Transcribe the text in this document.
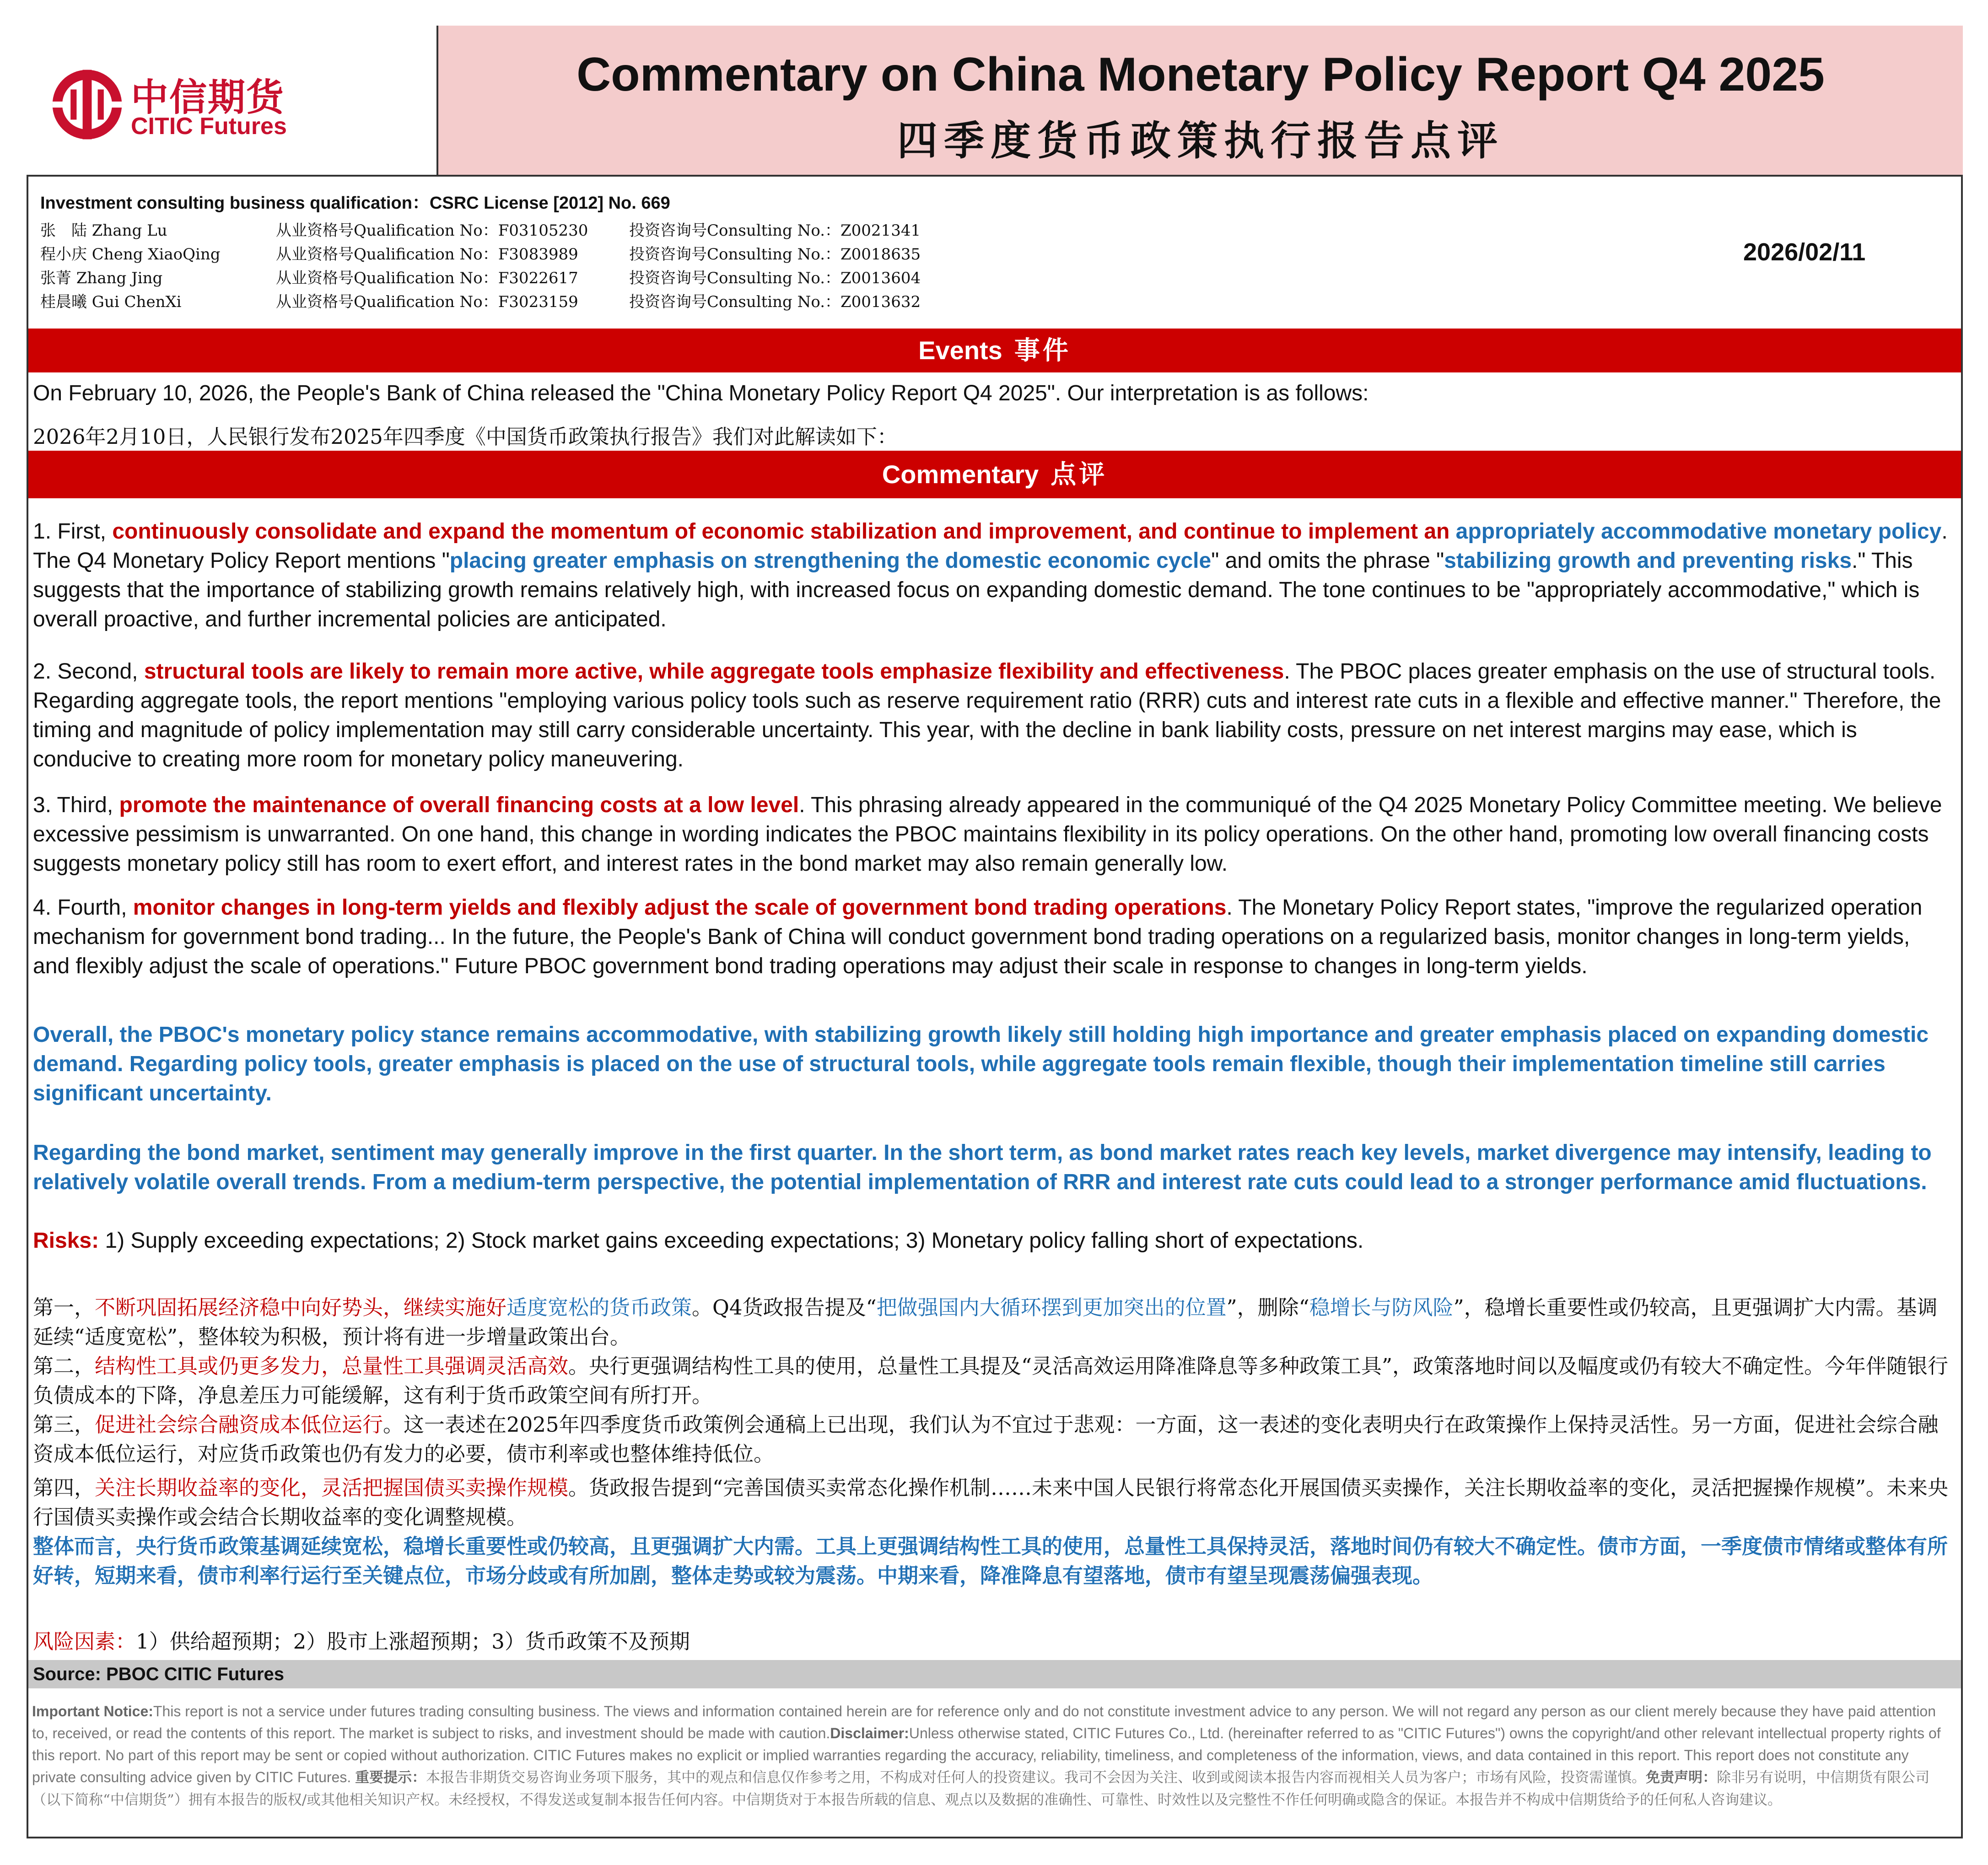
中信期货
CITIC Futures
Commentary on China Monetary Policy Report Q4 2025
四季度货币政策执行报告点评
Investment consulting business qualification：CSRC License [2012] No. 669
张　陆 Zhang Lu	从业资格号Qualification No：F03105230	投资咨询号Consulting No.：Z0021341
程小庆 Cheng XiaoQing	从业资格号Qualification No：F3083989	投资咨询号Consulting No.：Z0018635
张菁 Zhang Jing	从业资格号Qualification No：F3022617	投资咨询号Consulting No.：Z0013604
桂晨曦 Gui ChenXi	从业资格号Qualification No：F3023159	投资咨询号Consulting No.：Z0013632
2026/02/11
Events 事件
On February 10, 2026, the People's Bank of China released the "China Monetary Policy Report Q4 2025". Our interpretation is as follows:
2026年2月10日，人民银行发布2025年四季度《中国货币政策执行报告》我们对此解读如下：
Commentary 点评
1. First, continuously consolidate and expand the momentum of economic stabilization and improvement, and continue to implement an appropriately accommodative monetary policy. The Q4 Monetary Policy Report mentions "placing greater emphasis on strengthening the domestic economic cycle" and omits the phrase "stabilizing growth and preventing risks." This suggests that the importance of stabilizing growth remains relatively high, with increased focus on expanding domestic demand. The tone continues to be "appropriately accommodative," which is overall proactive, and further incremental policies are anticipated.
2. Second, structural tools are likely to remain more active, while aggregate tools emphasize flexibility and effectiveness. The PBOC places greater emphasis on the use of structural tools. Regarding aggregate tools, the report mentions "employing various policy tools such as reserve requirement ratio (RRR) cuts and interest rate cuts in a flexible and effective manner." Therefore, the timing and magnitude of policy implementation may still carry considerable uncertainty. This year, with the decline in bank liability costs, pressure on net interest margins may ease, which is conducive to creating more room for monetary policy maneuvering.
3. Third, promote the maintenance of overall financing costs at a low level. This phrasing already appeared in the communiqué of the Q4 2025 Monetary Policy Committee meeting. We believe excessive pessimism is unwarranted. On one hand, this change in wording indicates the PBOC maintains flexibility in its policy operations. On the other hand, promoting low overall financing costs suggests monetary policy still has room to exert effort, and interest rates in the bond market may also remain generally low.
4. Fourth, monitor changes in long-term yields and flexibly adjust the scale of government bond trading operations. The Monetary Policy Report states, "improve the regularized operation mechanism for government bond trading... In the future, the People's Bank of China will conduct government bond trading operations on a regularized basis, monitor changes in long-term yields, and flexibly adjust the scale of operations." Future PBOC government bond trading operations may adjust their scale in response to changes in long-term yields.
Overall, the PBOC's monetary policy stance remains accommodative, with stabilizing growth likely still holding high importance and greater emphasis placed on expanding domestic demand. Regarding policy tools, greater emphasis is placed on the use of structural tools, while aggregate tools remain flexible, though their implementation timeline still carries significant uncertainty.
Regarding the bond market, sentiment may generally improve in the first quarter. In the short term, as bond market rates reach key levels, market divergence may intensify, leading to relatively volatile overall trends. From a medium-term perspective, the potential implementation of RRR and interest rate cuts could lead to a stronger performance amid fluctuations.
Risks: 1) Supply exceeding expectations; 2) Stock market gains exceeding expectations; 3) Monetary policy falling short of expectations.
第一，不断巩固拓展经济稳中向好势头，继续实施好适度宽松的货币政策。Q4货政报告提及“把做强国内大循环摆到更加突出的位置”，删除“稳增长与防风险”，稳增长重要性或仍较高，且更强调扩大内需。基调延续“适度宽松”，整体较为积极，预计将有进一步增量政策出台。
第二，结构性工具或仍更多发力，总量性工具强调灵活高效。央行更强调结构性工具的使用，总量性工具提及“灵活高效运用降准降息等多种政策工具”，政策落地时间以及幅度或仍有较大不确定性。今年伴随银行负债成本的下降，净息差压力可能缓解，这有利于货币政策空间有所打开。
第三，促进社会综合融资成本低位运行。这一表述在2025年四季度货币政策例会通稿上已出现，我们认为不宜过于悲观：一方面，这一表述的变化表明央行在政策操作上保持灵活性。另一方面，促进社会综合融资成本低位运行，对应货币政策也仍有发力的必要，债市利率或也整体维持低位。
第四，关注长期收益率的变化，灵活把握国债买卖操作规模。货政报告提到“完善国债买卖常态化操作机制……未来中国人民银行将常态化开展国债买卖操作，关注长期收益率的变化，灵活把握操作规模”。未来央行国债买卖操作或会结合长期收益率的变化调整规模。
整体而言，央行货币政策基调延续宽松，稳增长重要性或仍较高，且更强调扩大内需。工具上更强调结构性工具的使用，总量性工具保持灵活，落地时间仍有较大不确定性。债市方面，一季度债市情绪或整体有所好转，短期来看，债市利率行运行至关键点位，市场分歧或有所加剧，整体走势或较为震荡。中期来看，降准降息有望落地，债市有望呈现震荡偏强表现。
风险因素：1）供给超预期；2）股市上涨超预期；3）货币政策不及预期
Source: PBOC CITIC Futures
Important Notice:This report is not a service under futures trading consulting business. The views and information contained herein are for reference only and do not constitute investment advice to any person. We will not regard any person as our client merely because they have paid attention to, received, or read the contents of this report. The market is subject to risks, and investment should be made with caution.Disclaimer:Unless otherwise stated, CITIC Futures Co., Ltd. (hereinafter referred to as "CITIC Futures") owns the copyright/and other relevant intellectual property rights of this report. No part of this report may be sent or copied without authorization. CITIC Futures makes no explicit or implied warranties regarding the accuracy, reliability, timeliness, and completeness of the information, views, and data contained in this report. This report does not constitute any private consulting advice given by CITIC Futures. 重要提示：本报告非期货交易咨询业务项下服务，其中的观点和信息仅作参考之用，不构成对任何人的投资建议。我司不会因为关注、收到或阅读本报告内容而视相关人员为客户；市场有风险，投资需谨慎。免责声明：除非另有说明，中信期货有限公司（以下简称“中信期货”）拥有本报告的版权/或其他相关知识产权。未经授权，不得发送或复制本报告任何内容。中信期货对于本报告所载的信息、观点以及数据的准确性、可靠性、时效性以及完整性不作任何明确或隐含的保证。本报告并不构成中信期货给予的任何私人咨询建议。
